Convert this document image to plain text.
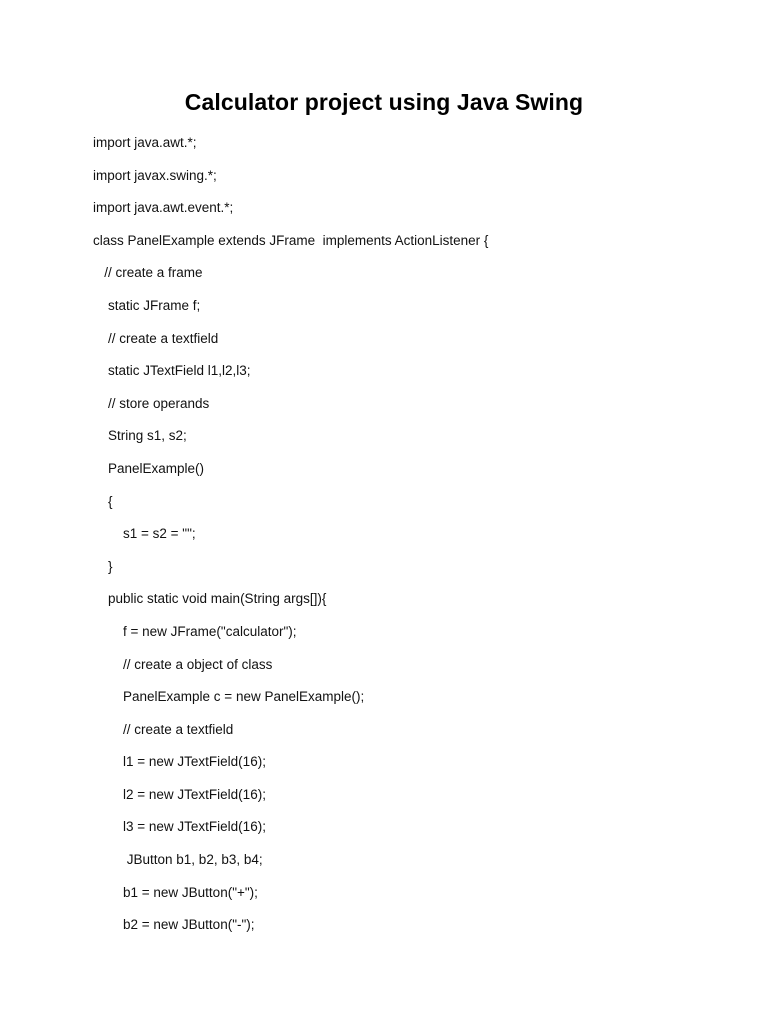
Calculator project using Java Swing
import java.awt.*;
import javax.swing.*;
import java.awt.event.*;
class PanelExample extends JFrame  implements ActionListener {
// create a frame
static JFrame f;
// create a textfield
static JTextField l1,l2,l3;
// store operands
String s1, s2;
PanelExample()
{
s1 = s2 = "";
}
public static void main(String args[]){
f = new JFrame("calculator");
// create a object of class
PanelExample c = new PanelExample();
// create a textfield
l1 = new JTextField(16);
l2 = new JTextField(16);
l3 = new JTextField(16);
JButton b1, b2, b3, b4;
b1 = new JButton("+");
b2 = new JButton("-");
